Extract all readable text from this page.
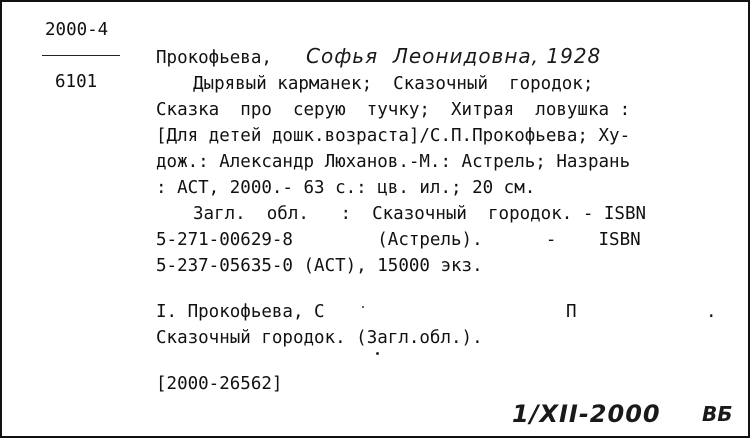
2000-4
6101
Прокофьева, Софья  Леонидовна, 1928
Дырявый карманек;  Сказочный  городок;
Сказка  про  серую  тучку;  Хитрая  ловушка :
[Для детей дошк.возраста]/С.П.Прокофьева; Ху-
дож.: Александр Люханов.-М.: Астрель; Назрань
: АСТ, 2000.- 63 с.: цв. ил.; 20 см.
Загл.  обл.   :  Сказочный  городок. - ISBN
5-271-00629-8        (Астрель).      -    ISBN
5-237-05635-0 (АСТ), 15000 экз.
I. Прокофьева, С	П	.
Сказочный городок. (Загл.обл.).
[2000-26562]
1/XII-2000 ВБ
